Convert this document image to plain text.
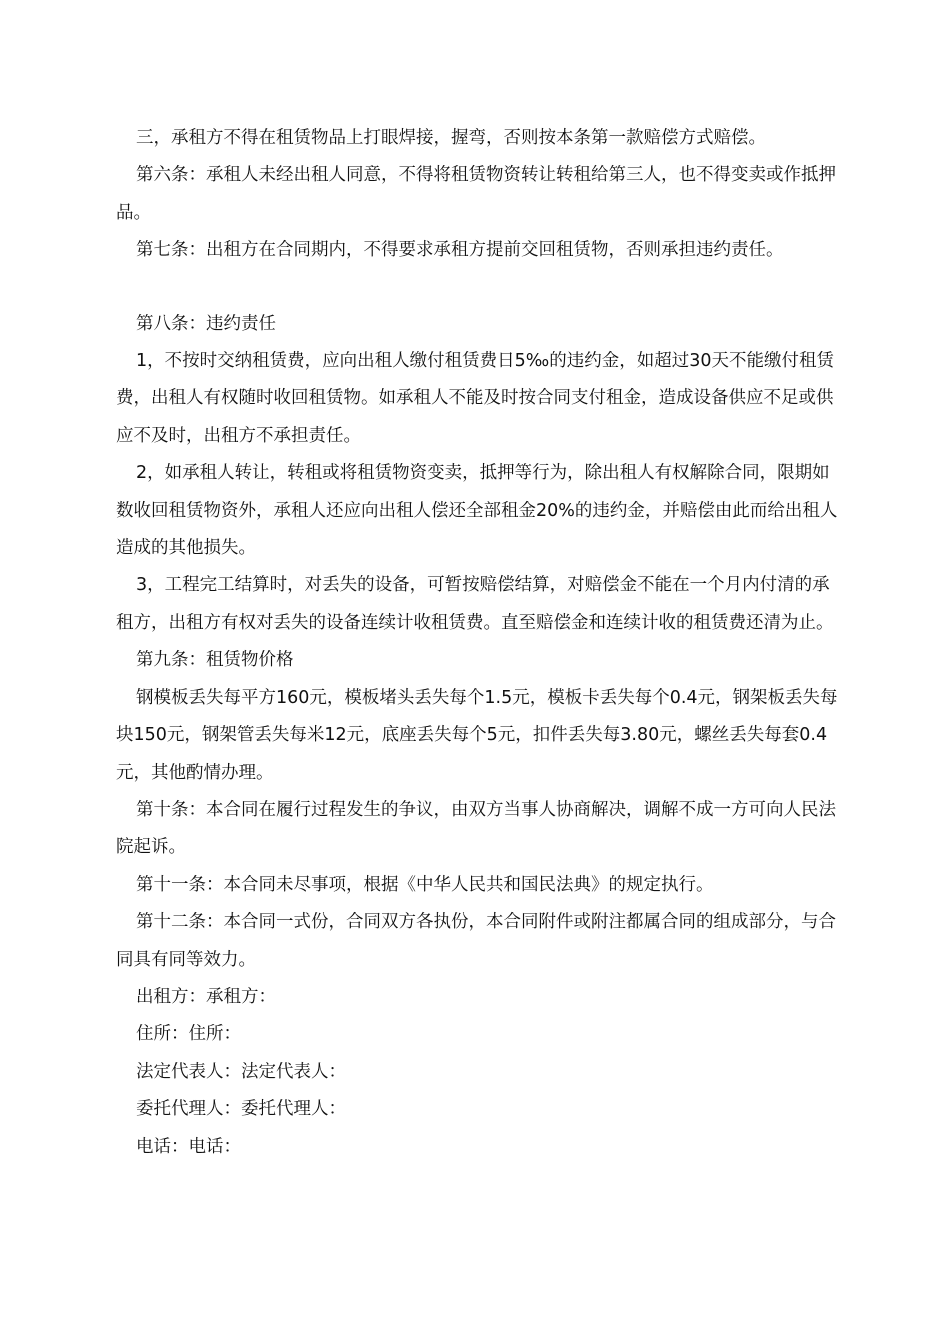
三，承租方不得在租赁物品上打眼焊接，握弯，否则按本条第一款赔偿方式赔偿。

第六条：承租人未经出租人同意，不得将租赁物资转让转租给第三人，也不得变卖或作抵押品。

第七条：出租方在合同期内，不得要求承租方提前交回租赁物，否则承担违约责任。

第八条：违约责任

1，不按时交纳租赁费，应向出租人缴付租赁费日5‰的违约金，如超过30天不能缴付租赁费，出租人有权随时收回租赁物。如承租人不能及时按合同支付租金，造成设备供应不足或供应不及时，出租方不承担责任。

2，如承租人转让，转租或将租赁物资变卖，抵押等行为，除出租人有权解除合同，限期如数收回租赁物资外，承租人还应向出租人偿还全部租金20%的违约金，并赔偿由此而给出租人造成的其他损失。

3，工程完工结算时，对丢失的设备，可暂按赔偿结算，对赔偿金不能在一个月内付清的承租方，出租方有权对丢失的设备连续计收租赁费。直至赔偿金和连续计收的租赁费还清为止。

第九条：租赁物价格

钢模板丢失每平方160元，模板堵头丢失每个1.5元，模板卡丢失每个0.4元，钢架板丢失每块150元，钢架管丢失每米12元，底座丢失每个5元，扣件丢失每3.80元，螺丝丢失每套0.4元，其他酌情办理。

第十条：本合同在履行过程发生的争议，由双方当事人协商解决，调解不成一方可向人民法院起诉。

第十一条：本合同未尽事项，根据《中华人民共和国民法典》的规定执行。

第十二条：本合同一式份，合同双方各执份，本合同附件或附注都属合同的组成部分，与合同具有同等效力。

出租方：承租方：

住所：住所：

法定代表人：法定代表人：

委托代理人：委托代理人：

电话：电话：
